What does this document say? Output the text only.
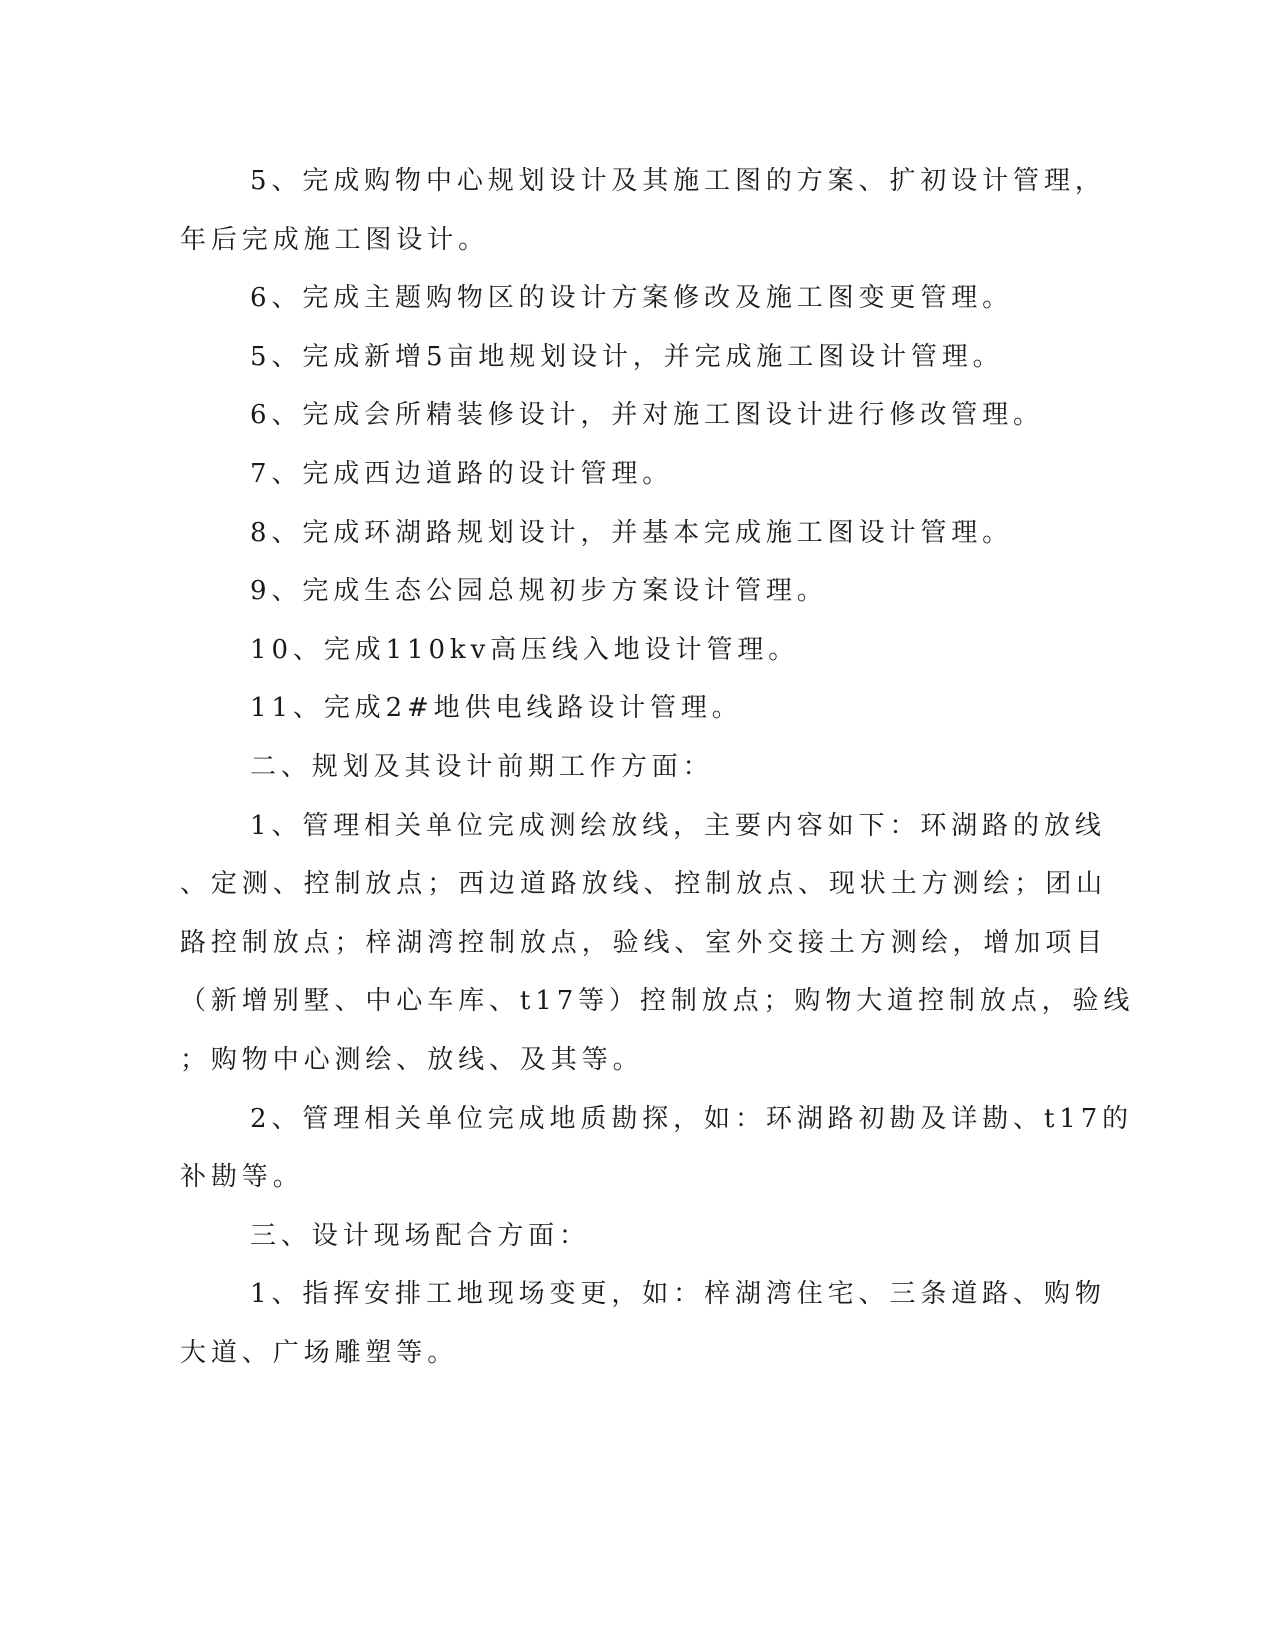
5、完成购物中心规划设计及其施工图的方案、扩初设计管理，
年后完成施工图设计。
6、完成主题购物区的设计方案修改及施工图变更管理。
5、完成新增5亩地规划设计，并完成施工图设计管理。
6、完成会所精装修设计，并对施工图设计进行修改管理。
7、完成西边道路的设计管理。
8、完成环湖路规划设计，并基本完成施工图设计管理。
9、完成生态公园总规初步方案设计管理。
10、完成110kv高压线入地设计管理。
11、完成2#地供电线路设计管理。
二、规划及其设计前期工作方面：
1、管理相关单位完成测绘放线，主要内容如下：环湖路的放线
、定测、控制放点；西边道路放线、控制放点、现状土方测绘；团山
路控制放点；梓湖湾控制放点，验线、室外交接土方测绘，增加项目
（新增别墅、中心车库、t17等）控制放点；购物大道控制放点，验线
；购物中心测绘、放线、及其等。
2、管理相关单位完成地质勘探，如：环湖路初勘及详勘、t17的
补勘等。
三、设计现场配合方面：
1、指挥安排工地现场变更，如：梓湖湾住宅、三条道路、购物
大道、广场雕塑等。
